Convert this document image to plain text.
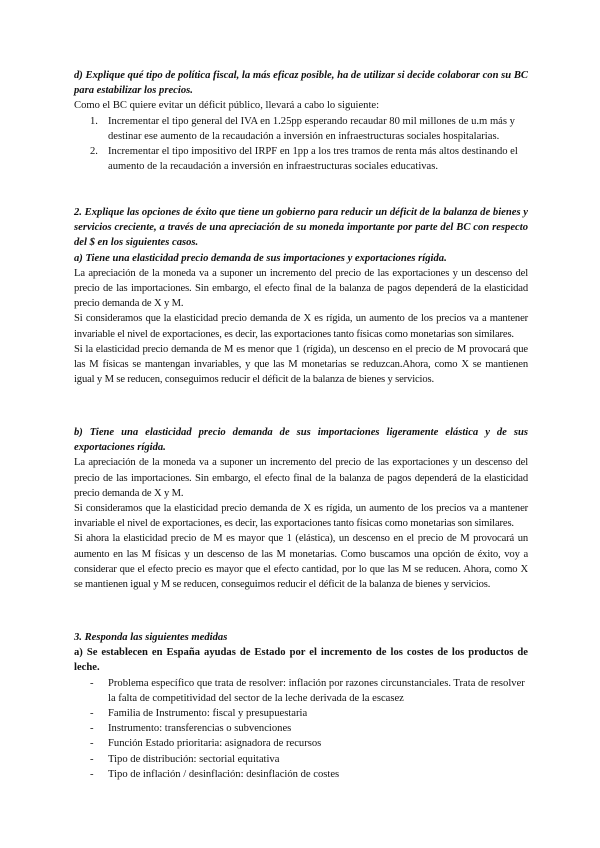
d) Explique qué tipo de política fiscal, la más eficaz posible, ha de utilizar si decide colaborar con su BC para estabilizar los precios.

Como el BC quiere evitar un déficit público, llevará a cabo lo siguiente:

1. Incrementar el tipo general del IVA en 1.25pp esperando recaudar 80 mil millones de u.m más y destinar ese aumento de la recaudación a inversión en infraestructuras sociales hospitalarias.
2. Incrementar el tipo impositivo del IRPF en 1pp a los tres tramos de renta más altos destinando el aumento de la recaudación a inversión en infraestructuras sociales educativas.

2. Explique las opciones de éxito que tiene un gobierno para reducir un déficit de la balanza de bienes y servicios creciente, a través de una apreciación de su moneda importante por parte del BC con respecto del $ en los siguientes casos.

a) Tiene una elasticidad precio demanda de sus importaciones y exportaciones rígida.

La apreciación de la moneda va a suponer un incremento del precio de las exportaciones y un descenso del precio de las importaciones. Sin embargo, el efecto final de la balanza de pagos dependerá de la elasticidad precio demanda de X y M.

Si consideramos que la elasticidad precio demanda de X es rígida, un aumento de los precios va a mantener invariable el nivel de exportaciones, es decir, las exportaciones tanto físicas como monetarias son similares.

Si la elasticidad precio demanda de M es menor que 1 (rígida), un descenso en el precio de M provocará que las M físicas se mantengan invariables, y que las M monetarias se reduzcan.Ahora, como X se mantienen igual y M se reducen, conseguimos reducir el déficit de la balanza de bienes y servicios.

b) Tiene una elasticidad precio demanda de sus importaciones ligeramente elástica y de sus exportaciones rígida.

La apreciación de la moneda va a suponer un incremento del precio de las exportaciones y un descenso del precio de las importaciones. Sin embargo, el efecto final de la balanza de pagos dependerá de la elasticidad precio demanda de X y M.

Si consideramos que la elasticidad precio demanda de X es rígida, un aumento de los precios va a mantener invariable el nivel de exportaciones, es decir, las exportaciones tanto físicas como monetarias son similares.

Si ahora la elasticidad precio de M es mayor que 1 (elástica), un descenso en el precio de M provocará un aumento en las M físicas y un descenso de las M monetarias. Como buscamos una opción de éxito, voy a considerar que el efecto precio es mayor que el efecto cantidad, por lo que las M se reducen. Ahora, como X se mantienen igual y M se reducen, conseguimos reducir el déficit de la balanza de bienes y servicios.

3. Responda las siguientes medidas

a) Se establecen en España ayudas de Estado por el incremento de los costes de los productos de leche.

- Problema específico que trata de resolver: inflación por razones circunstanciales. Trata de resolver la falta de competitividad del sector de la leche derivada de la escasez
- Familia de Instrumento: fiscal y presupuestaria
- Instrumento: transferencias o subvenciones
- Función Estado prioritaria: asignadora de recursos
- Tipo de distribución: sectorial equitativa
- Tipo de inflación / desinflación: desinflación de costes
